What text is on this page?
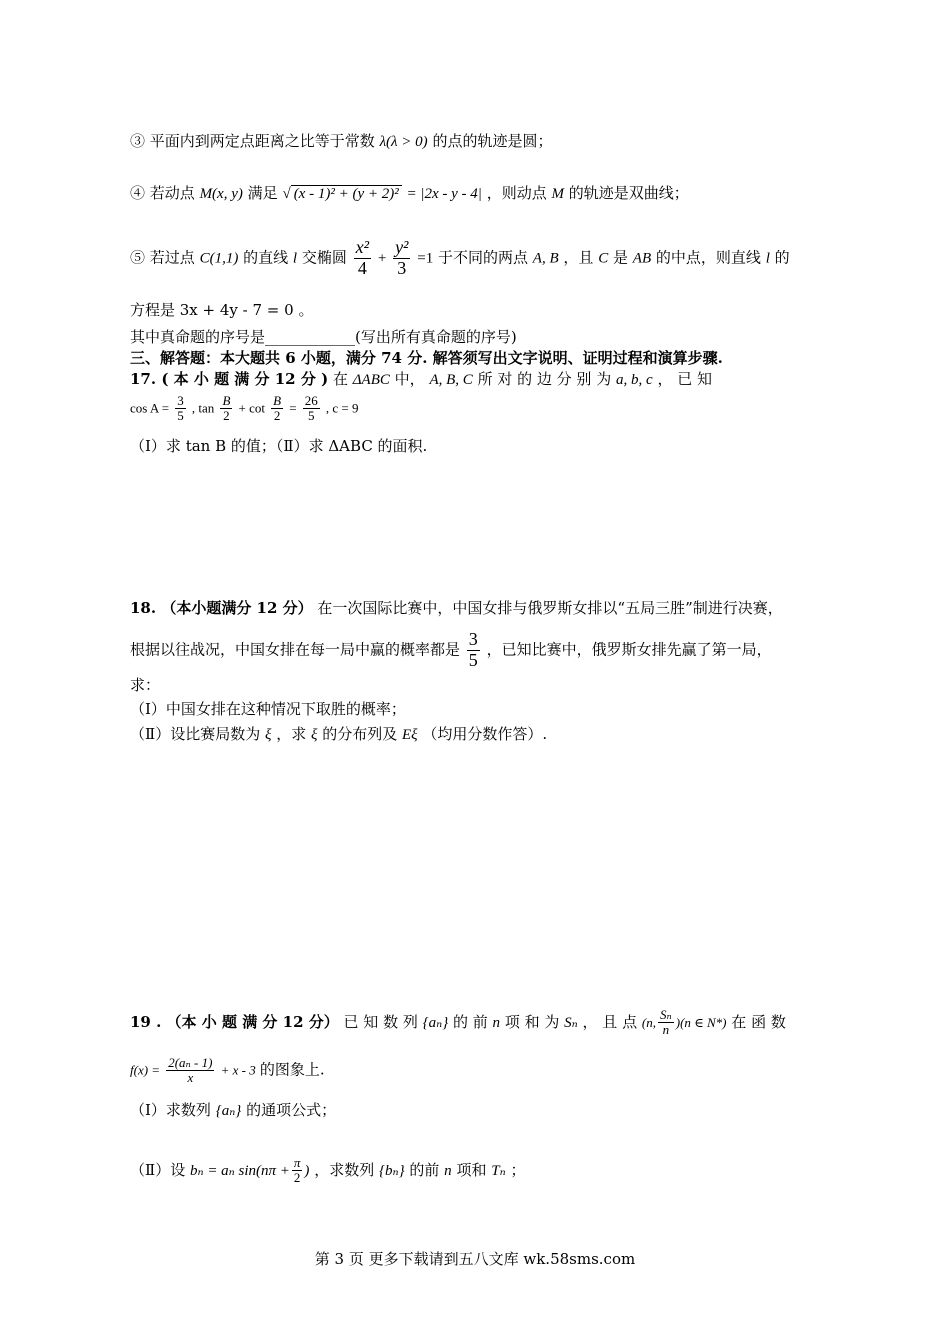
③ 平面内到两定点距离之比等于常数 λ(λ > 0) 的点的轨迹是圆；
④ 若动点 M(x, y) 满足 √ (x - 1)² + (y + 2)² = |2x - y - 4| ，则动点 M 的轨迹是双曲线；
⑤ 若过点 C(1,1) 的直线 l 交椭圆 $\frac{\text{x²}}{4} + \frac{\text{y²}}{3} =1$ 于不同的两点 A, B ，且 C 是 AB 的中点，则直线 l 的
方程是 3x + 4y - 7 = 0 。
其中真命题的序号是____________(写出所有真命题的序号)
三、解答题：本大题共 6 小题，满分 74 分. 解答须写出文字说明、证明过程和演算步骤.
17. ( 本 小 题 满 分 12 分 ) 在 ΔABC 中， A, B, C 所 对 的 边 分 别 为 a, b, c ， 已 知
$\cos A = \frac{3}{5}$ , $\tan \frac{B}{2} + \cot \frac{B}{2} = \frac{26}{5}$ , c = 9
（Ⅰ）求 tan B 的值；（Ⅱ）求 ΔABC 的面积.
18. （本小题满分 12 分） 在一次国际比赛中，中国女排与俄罗斯女排以“五局三胜”制进行决赛，
根据以往战况，中国女排在每一局中赢的概率都是 $\frac{3}{5}$ ，已知比赛中，俄罗斯女排先赢了第一局，
求：
（Ⅰ）中国女排在这种情况下取胜的概率；
（Ⅱ）设比赛局数为 ξ ，求 ξ 的分布列及 Eξ （均用分数作答）.
19 . （本 小 题 满 分 12 分） 已 知 数 列 {aₙ} 的 前 n 项 和 为 Sₙ ， 且 点 (n, $\frac{\text{Sₙ}}{n} )(n$ ∈ N*) 在 函 数
$f(x) = \frac{\text{2(aₙ - 1)}}{x} + x - 3$ 的图象上.
（Ⅰ）求数列 {aₙ} 的通项公式；
（Ⅱ）设 bₙ = aₙ $\sin(n\pi + \frac{\pi}{2}$ ) ，求数列 {bₙ} 的前 n 项和 Tₙ ；
第 3 页 更多下载请到五八文库 wk.58sms.com
